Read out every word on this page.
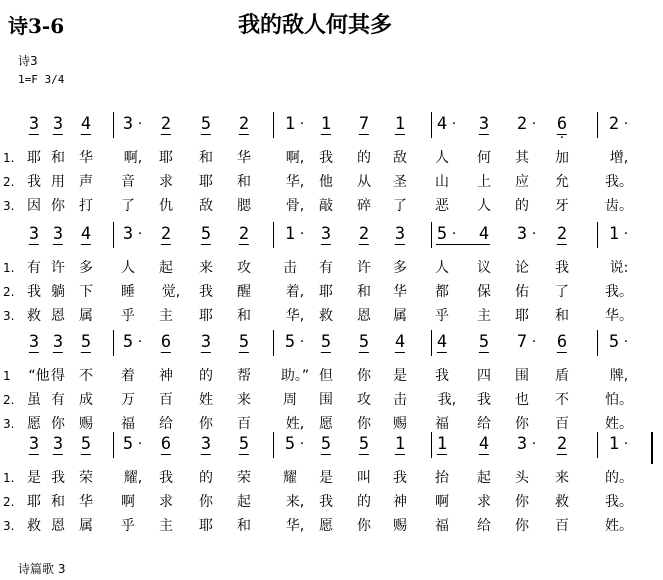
诗3-6	我的敌人何其多
诗3
1=F 3/4
3 3 4 3 · 2 5 2 1 · 1 7 1 4 · 3 2 · 6
·
2 ·
1. 耶 和 华 啊, 耶 和 华 啊, 我 的 敌 人 何 其 加	增,
2. 我 用 声 音 求 耶 和 华, 他 从 圣 山 上 应 允	我。
3. 因 你 打 了 仇 敌 腮 骨, 敲 碎 了 恶 人 的 牙	齿。
3 3 4 3 · 2 5 2 1 · 3 2 3 5 · 4 3 · 2 1 ·
1. 有 许 多 人 起 来 攻 击 有 许 多 人 议 论 我	说:
2. 我 躺 下 睡 觉, 我 醒 着, 耶 和 华 都 保 佑 了	我。
3. 救 恩 属 乎 主 耶 和 华, 救 恩 属 乎 主 耶 和	华。
3 3 5 5 · 6 3 5 5 · 5 5 4 4 5 7 · 6 5 ·
1 “他 得 不 着 神 的 帮 助。” 但 你 是 我 四 围 盾	牌,
2. 虽 有 成 万 百 姓 来 周 围 攻 击 我, 我 也 不	怕。
3. 愿 你 赐 福 给 你 百 姓, 愿 你 赐 福 给 你 百	姓。
3 3 5 5 · 6 3 5 5 · 5 5 1 1 4 3 · 2 1 ·
1. 是 我 荣 耀, 我 的 荣 耀 是 叫 我 抬 起 头 来	的。
2. 耶 和 华 啊 求 你 起 来, 我 的 神 啊 求 你 救	我。
3. 救 恩 属 乎 主 耶 和 华, 愿 你 赐 福 给 你 百	姓。
诗篇歌 3
